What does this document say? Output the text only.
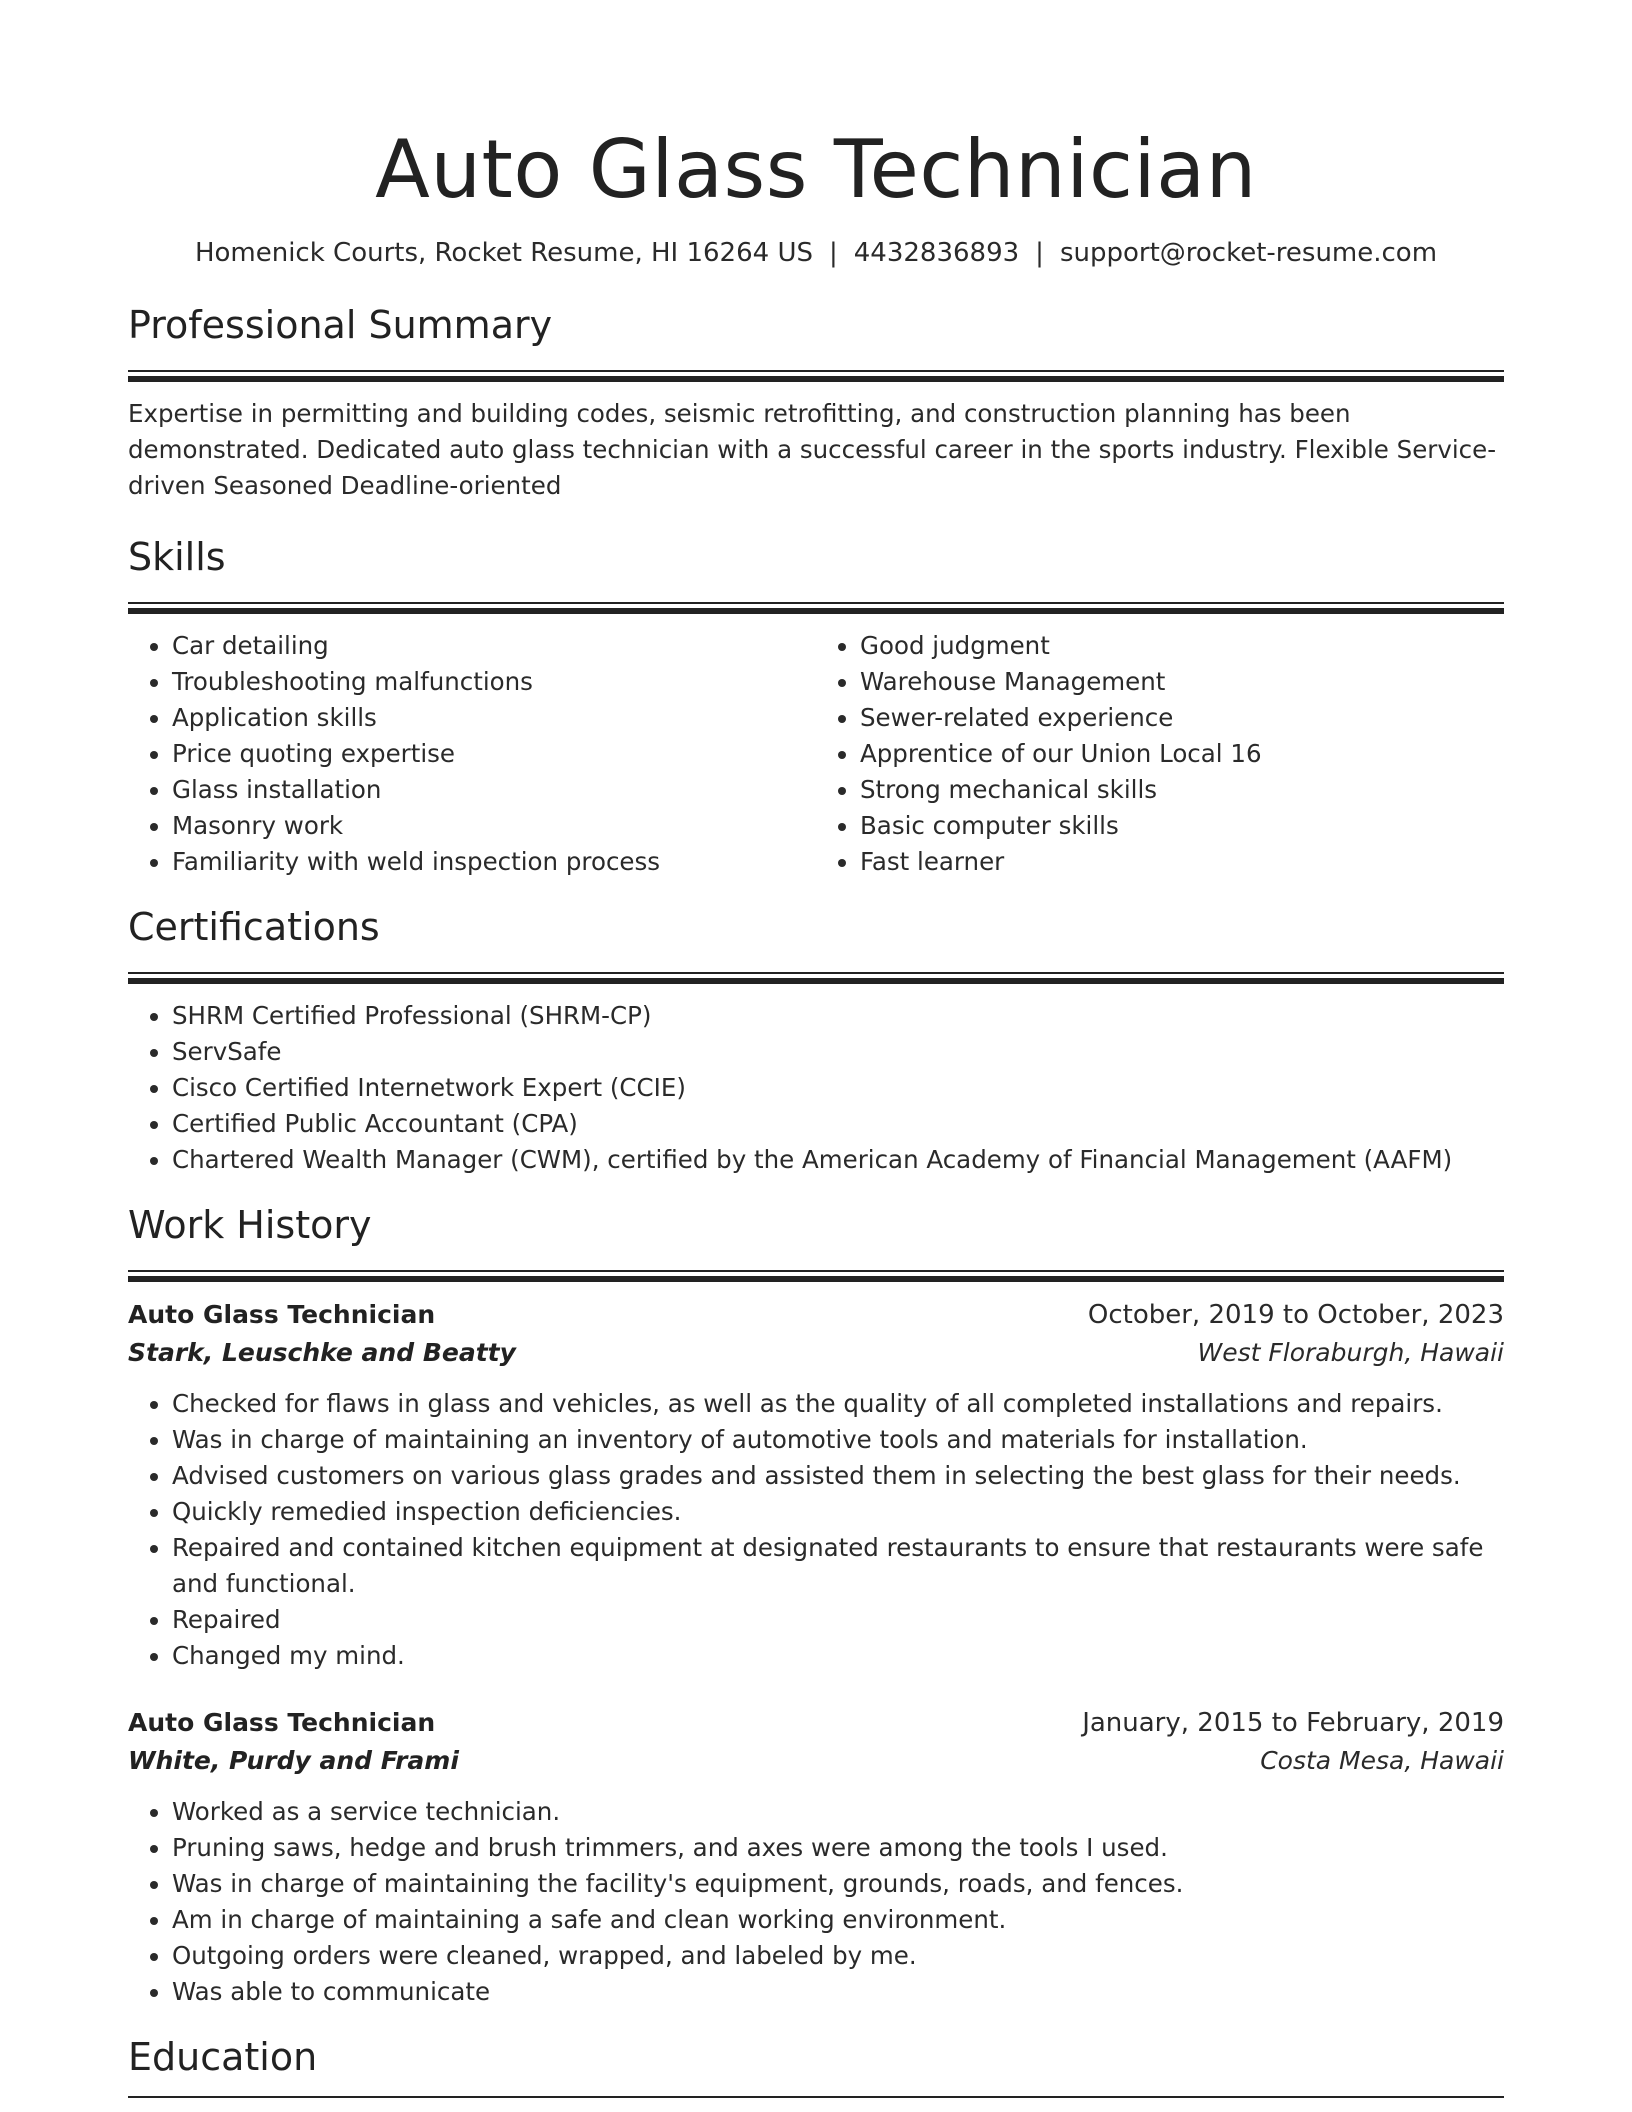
Auto Glass Technician
Homenick Courts, Rocket Resume, HI 16264 US | 4432836893 | support@rocket-resume.com
Professional Summary

Expertise in permitting and building codes, seismic retrofitting, and construction planning has been demonstrated. Dedicated auto glass technician with a successful career in the sports industry. Flexible Service-driven Seasoned Deadline-oriented

Skills
• Car detailing
• Troubleshooting malfunctions
• Application skills
• Price quoting expertise
• Glass installation
• Masonry work
• Familiarity with weld inspection process
• Good judgment
• Warehouse Management
• Sewer-related experience
• Apprentice of our Union Local 16
• Strong mechanical skills
• Basic computer skills
• Fast learner
Certifications
• SHRM Certified Professional (SHRM-CP)
• ServSafe
• Cisco Certified Internetwork Expert (CCIE)
• Certified Public Accountant (CPA)
• Chartered Wealth Manager (CWM), certified by the American Academy of Financial Management (AAFM)
Work History
Auto Glass Technician	October, 2019 to October, 2023
Stark, Leuschke and Beatty	West Floraburgh, Hawaii
• Checked for flaws in glass and vehicles, as well as the quality of all completed installations and repairs.
• Was in charge of maintaining an inventory of automotive tools and materials for installation.
• Advised customers on various glass grades and assisted them in selecting the best glass for their needs.
• Quickly remedied inspection deficiencies.
• Repaired and contained kitchen equipment at designated restaurants to ensure that restaurants were safe and functional.
• Repaired
• Changed my mind.
Auto Glass Technician	January, 2015 to February, 2019
White, Purdy and Frami	Costa Mesa, Hawaii
• Worked as a service technician.
• Pruning saws, hedge and brush trimmers, and axes were among the tools I used.
• Was in charge of maintaining the facility's equipment, grounds, roads, and fences.
• Am in charge of maintaining a safe and clean working environment.
• Outgoing orders were cleaned, wrapped, and labeled by me.
• Was able to communicate
Education
